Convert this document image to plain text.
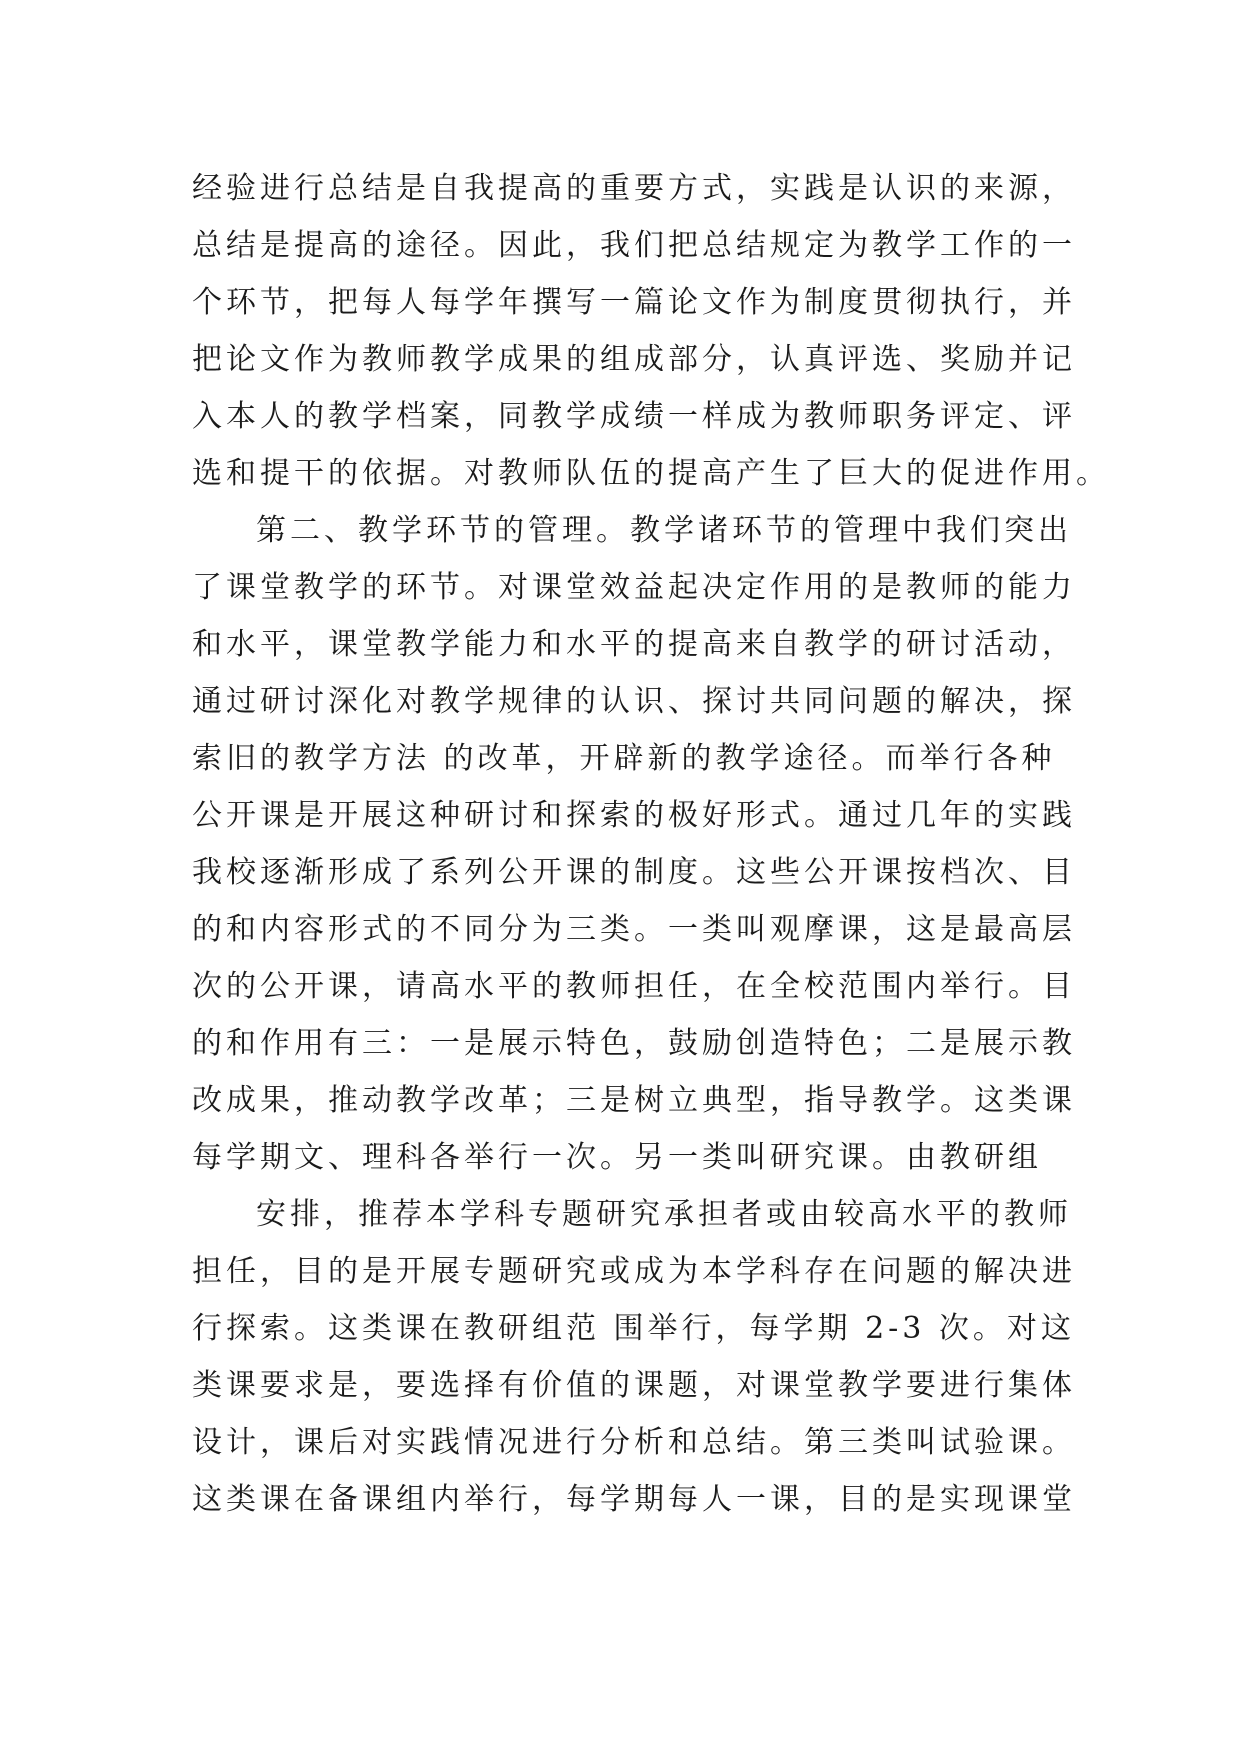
经验进行总结是自我提高的重要方式，实践是认识的来源，
总结是提高的途径。因此，我们把总结规定为教学工作的一
个环节，把每人每学年撰写一篇论文作为制度贯彻执行，并
把论文作为教师教学成果的组成部分，认真评选、奖励并记
入本人的教学档案，同教学成绩一样成为教师职务评定、评
选和提干的依据。对教师队伍的提高产生了巨大的促进作用。
第二、教学环节的管理。教学诸环节的管理中我们突出
了课堂教学的环节。对课堂效益起决定作用的是教师的能力
和水平，课堂教学能力和水平的提高来自教学的研讨活动，
通过研讨深化对教学规律的认识、探讨共同问题的解决，探
索旧的教学方法 的改革，开辟新的教学途径。而举行各种
公开课是开展这种研讨和探索的极好形式。通过几年的实践
我校逐渐形成了系列公开课的制度。这些公开课按档次、目
的和内容形式的不同分为三类。一类叫观摩课，这是最高层
次的公开课，请高水平的教师担任，在全校范围内举行。目
的和作用有三：一是展示特色，鼓励创造特色；二是展示教
改成果，推动教学改革；三是树立典型，指导教学。这类课
每学期文、理科各举行一次。另一类叫研究课。由教研组
安排，推荐本学科专题研究承担者或由较高水平的教师
担任，目的是开展专题研究或成为本学科存在问题的解决进
行探索。这类课在教研组范 围举行，每学期 2-3 次。对这
类课要求是，要选择有价值的课题，对课堂教学要进行集体
设计，课后对实践情况进行分析和总结。第三类叫试验课。
这类课在备课组内举行，每学期每人一课，目的是实现课堂
